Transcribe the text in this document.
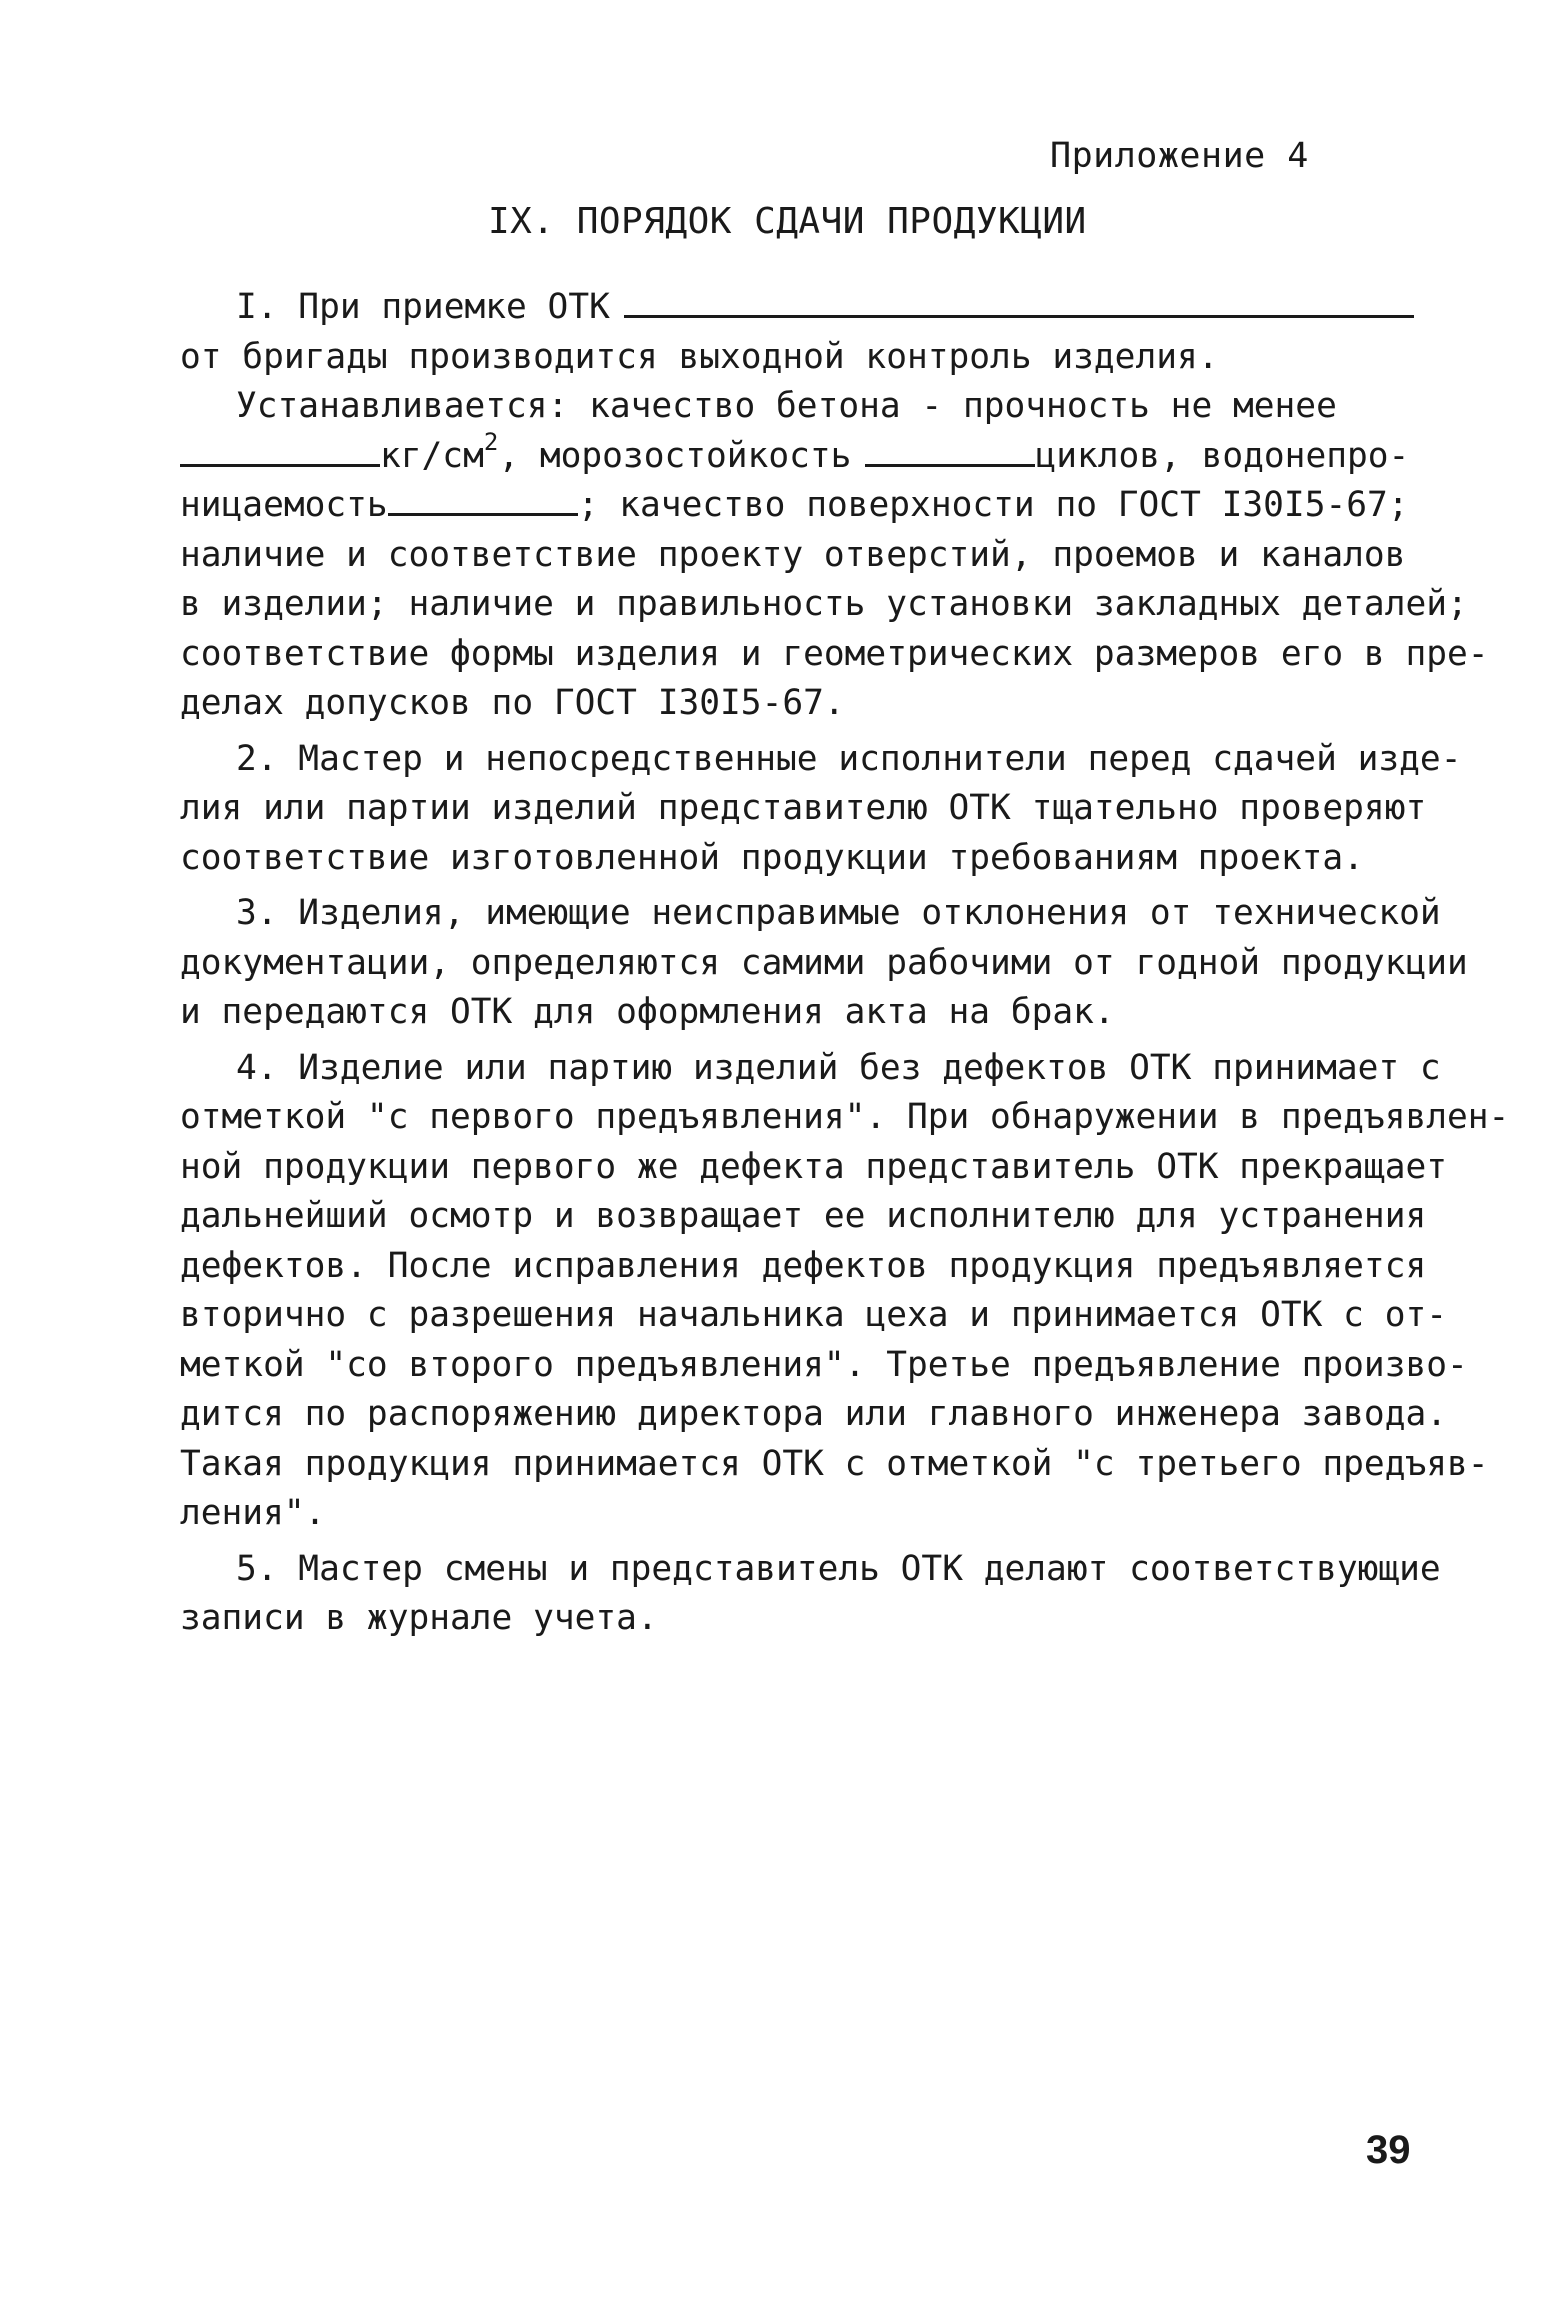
Приложение 4
IX. ПОРЯДОК СДАЧИ ПРОДУКЦИИ
I. При приемке ОТК
от бригады производится выходной контроль изделия.
Устанавливается: качество бетона - прочность не менее
$кг/см^2$, морозостойкость	циклов, водонепро-
ницаемость	; качество поверхности по ГОСТ I30I5-67;
наличие и соответствие проекту отверстий, проемов и каналов
в изделии; наличие и правильность установки закладных деталей;
соответствие формы изделия и геометрических размеров его в пре-
делах допусков по ГОСТ I30I5-67.
2. Мастер и непосредственные исполнители перед сдачей изде-
лия или партии изделий представителю ОТК тщательно проверяют
соответствие изготовленной продукции требованиям проекта.
3. Изделия, имеющие неисправимые отклонения от технической
документации, определяются самими рабочими от годной продукции
и передаются ОТК для оформления акта на брак.
4. Изделие или партию изделий без дефектов ОТК принимает с
отметкой "с первого предъявления". При обнаружении в предъявлен-
ной продукции первого же дефекта представитель ОТК прекращает
дальнейший осмотр и возвращает ее исполнителю для устранения
дефектов. После исправления дефектов продукция предъявляется
вторично с разрешения начальника цеха и принимается ОТК с от-
меткой "со второго предъявления". Третье предъявление произво-
дится по распоряжению директора или главного инженера завода.
Такая продукция принимается ОТК с отметкой "с третьего предъяв-
ления".
5. Мастер смены и представитель ОТК делают соответствующие
записи в журнале учета.
39
